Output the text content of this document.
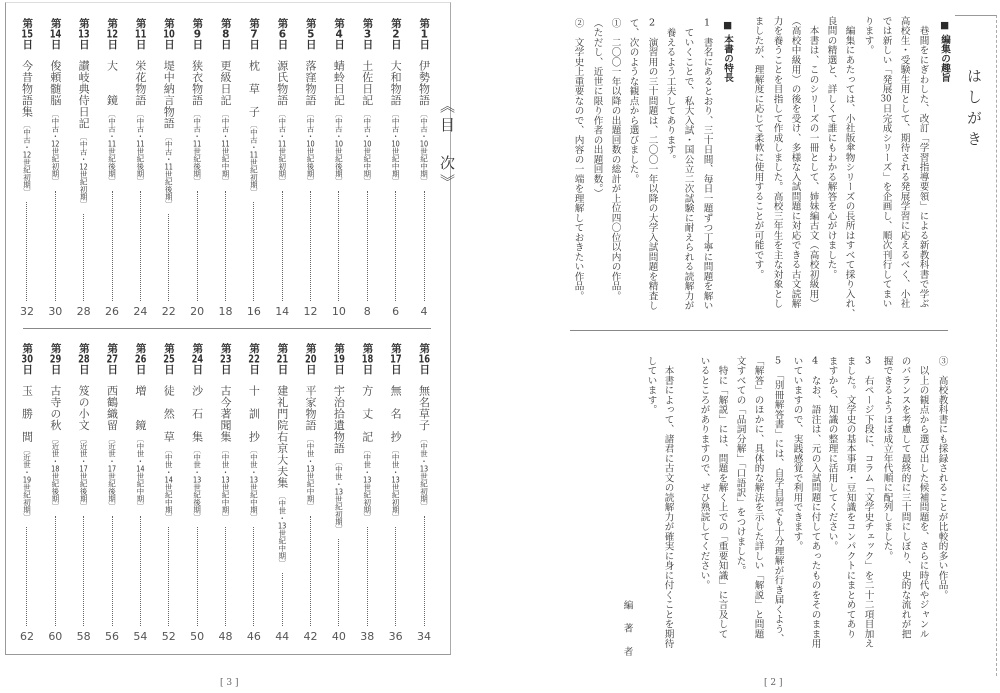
第1日
伊勢物語
〔中古・10世紀中期〕
4
第2日
大和物語
〔中古・10世紀中期〕
6
第3日
土佐日記
〔中古・10世紀中期〕
8
第4日
蜻蛉日記
〔中古・10世紀後期〕
10
第5日
落窪物語
〔中古・10世紀後期〕
12
第6日
源氏物語
〔中古・11世紀初期〕
14
第7日
枕　草　子
〔中古・11世紀初期〕
16
第8日
更級日記
〔中古・11世紀中期〕
18
第9日
狭衣物語
〔中古・11世紀後期〕
20
第10日
堤中納言物語
〔中古・11世紀後期〕
22
第11日
栄花物語
〔中古・11世紀後期〕
24
第12日
大　　鏡
〔中古・11世紀後期〕
26
第13日
讃岐典侍日記
〔中古・12世紀初期〕
28
第14日
俊頼髄脳
〔中古・12世紀初期〕
30
第15日
今昔物語集
〔中古・12世紀初期〕
32
第16日
無名草子
〔中世・13世紀初期〕
34
第17日
無　名　抄
〔中世・13世紀初期〕
36
第18日
方　丈　記
〔中世・13世紀初期〕
38
第19日
宇治拾遺物語
〔中世・13世紀初期〕
40
第20日
平家物語
〔中世・13世紀中期〕
42
第21日
建礼門院右京大夫集
〔中世・13世紀中期〕
44
第22日
十　訓　抄
〔中世・13世紀中期〕
46
第23日
古今著聞集
〔中世・13世紀中期〕
48
第24日
沙　石　集
〔中世・13世紀後期〕
50
第25日
徒　然　草
〔中世・14世紀中期〕
52
第26日
増　　鏡
〔中世・14世紀中期〕
54
第27日
西鶴織留
〔近世・17世紀後期〕
56
第28日
笈の小文
〔近世・17世紀後期〕
58
第29日
古寺の秋
〔近世・18世紀後期〕
60
第30日
玉　勝　間
〔近世・19世紀初期〕
62
《目　次》
[ 3 ]
はしがき
■ 編集の趣旨
　巷間をにぎわした、改訂「学習指導要領」による新教科書で学ぶ
高校生・受験生用として、期待される発展学習に応えるべく、小社
では新しい「発展30日完成シリーズ」を企画し、順次刊行してまい
ります。
　編集にあたっては、小社版傘物シリーズの長所はすべて採り入れ、
良問の精選と、詳しくて誰にもわかる解答を心がけました。
　本書は、このシリーズの一冊として、姉妹編古文（高校初級用）
（高校中級用）の後を受け、多様な入試問題に対応できる古文読解
力を養うことを目指して作成しました。高校三年生を主な対象とし
ましたが、理解度に応じて柔軟に使用することが可能です。
■ 本書の特長
1　書名にあるとおり、三十日間、毎日一題ずつ丁寧に問題を解い
　ていくことで、私大入試・国公立二次試験に耐えられる読解力が
　養えるよう工夫してあります。
2　演習用の三十問題は、二〇〇一年以降の大学入試問題を精査し
て、次のような観点から選びました。
①　二〇〇一年以降の出題回数の総計が上位四〇位以内の作品。
（ただし、近世に限り作者の出題回数。）
②　文学史上重要なので、内容の一端を理解しておきたい作品。
③　高校教科書にも採録されることが比較的多い作品。
　以上の観点から選び出した候補問題を、さらに時代やジャンル
のバランスを考慮して最終的に三十問にしぼり、史的な流れが把
握できるようほぼ成立年代順に配列しました。
3　右ページ下段に、コラム「文学史チェック」を二十二項目加え
ました。文学史の基本事項・豆知識をコンパクトにまとめてあり
ますから、知識の整理に活用してください。
4　なお、語注は、元の入試問題に付してあったものをそのまま用
いていますので、実践感覚で利用できます。
5　「別冊解答書」には、自学自習でも十分理解が行き届くよう、
「解答」のほかに、具体的な解法を示した詳しい「解説」と問題
文すべての「品詞分解」「口語訳」をつけました。
　特に「解説」には、問題を解く上での「重要知識」に言及して
いるところがありますので、ぜひ熟読してください。
　本書によって、諸君に古文の読解力が確実に身に付くことを期待
しています。
編　著　者
[ 2 ]
